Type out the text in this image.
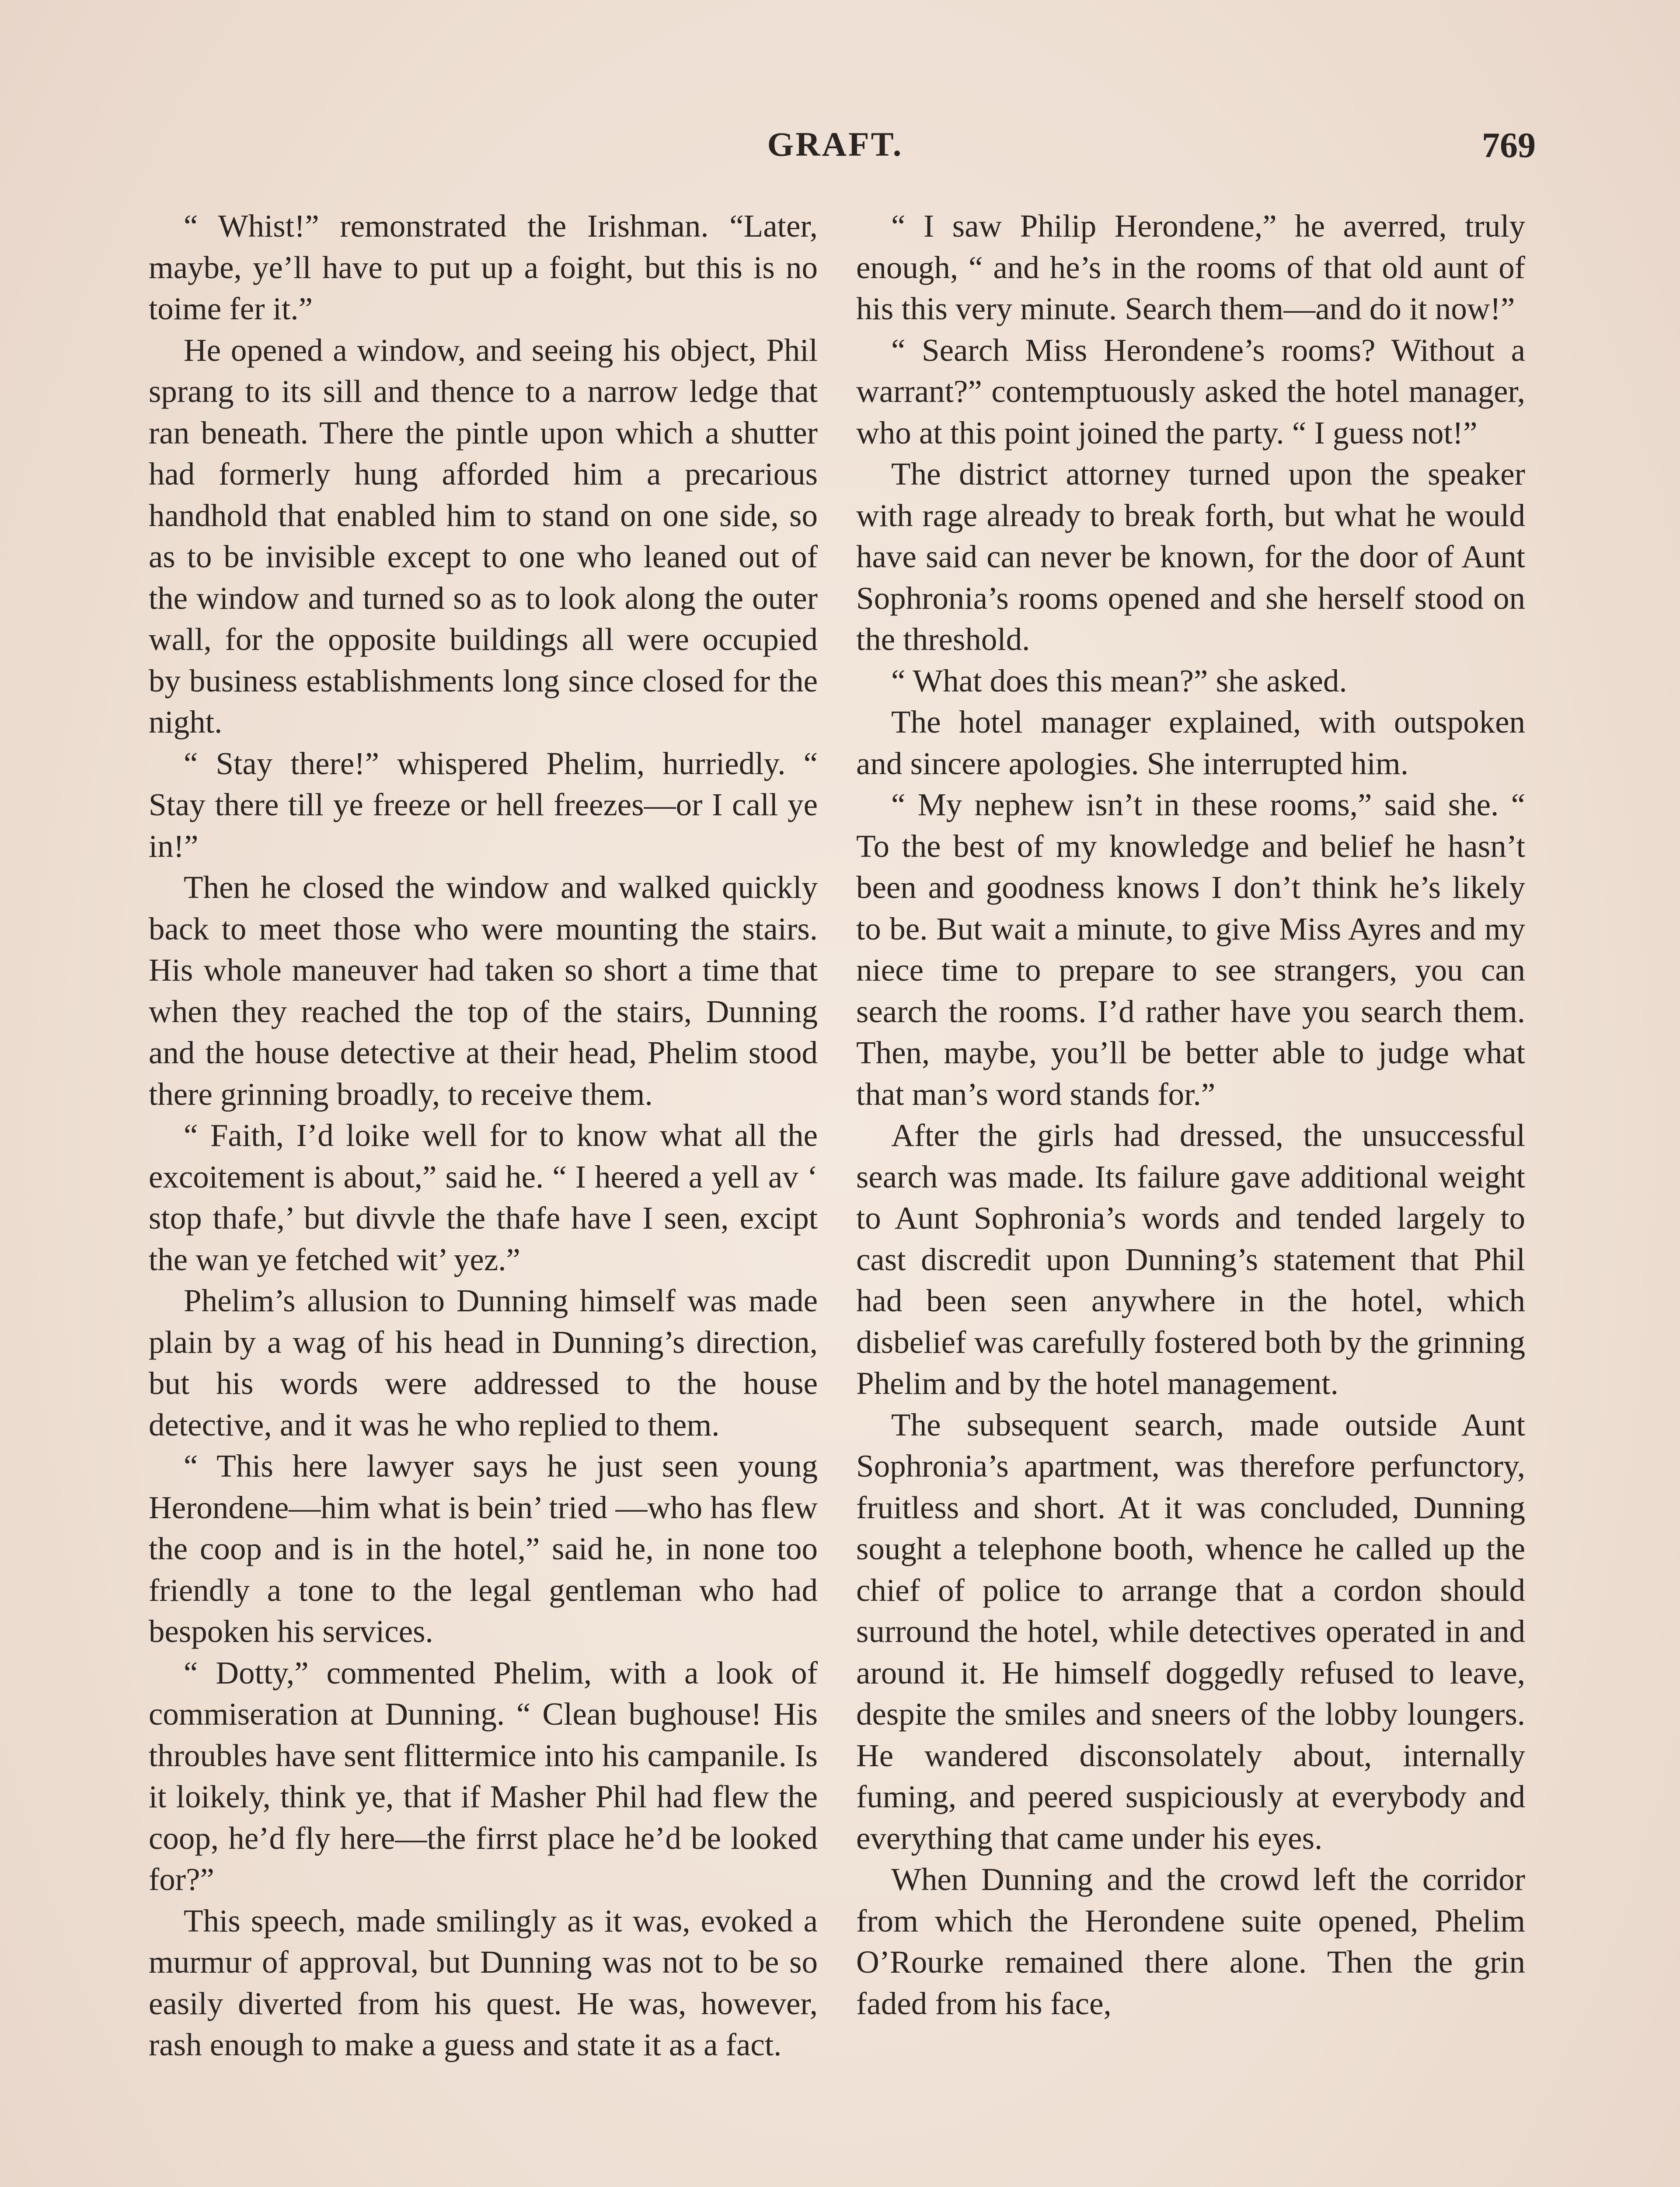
GRAFT.	769

“ Whist!” remonstrated the Irishman. “Later, maybe, ye’ll have to put up a foight, but this is no toime fer it.”

He opened a window, and seeing his object, Phil sprang to its sill and thence to a narrow ledge that ran beneath. There the pintle upon which a shutter had formerly hung afforded him a precarious handhold that enabled him to stand on one side, so as to be invisible except to one who leaned out of the window and turned so as to look along the outer wall, for the opposite buildings all were occupied by business establishments long since closed for the night.

“ Stay there!” whispered Phelim, hurriedly. “ Stay there till ye freeze or hell freezes—or I call ye in!”

Then he closed the window and walked quickly back to meet those who were mounting the stairs. His whole maneuver had taken so short a time that when they reached the top of the stairs, Dunning and the house detective at their head, Phelim stood there grinning broadly, to receive them.

“ Faith, I’d loike well for to know what all the excoitement is about,” said he. “ I heered a yell av ‘ stop thafe,’ but divvle the thafe have I seen, excipt the wan ye fetched wit’ yez.”

Phelim’s allusion to Dunning himself was made plain by a wag of his head in Dunning’s direction, but his words were addressed to the house detective, and it was he who replied to them.

“ This here lawyer says he just seen young Herondene—him what is bein’ tried —who has flew the coop and is in the hotel,” said he, in none too friendly a tone to the legal gentleman who had bespoken his services.

“ Dotty,” commented Phelim, with a look of commiseration at Dunning. “ Clean bughouse! His throubles have sent flittermice into his campanile. Is it loikely, think ye, that if Masher Phil had flew the coop, he’d fly here—the firrst place he’d be looked for?”

This speech, made smilingly as it was, evoked a murmur of approval, but Dunning was not to be so easily diverted from his quest. He was, however, rash enough to make a guess and state it as a fact.

“ I saw Philip Herondene,” he averred, truly enough, “ and he’s in the rooms of that old aunt of his this very minute. Search them—and do it now!”

“ Search Miss Herondene’s rooms? Without a warrant?” contemptuously asked the hotel manager, who at this point joined the party. “ I guess not!”

The district attorney turned upon the speaker with rage already to break forth, but what he would have said can never be known, for the door of Aunt Sophronia’s rooms opened and she herself stood on the threshold.

“ What does this mean?” she asked.

The hotel manager explained, with outspoken and sincere apologies. She interrupted him.

“ My nephew isn’t in these rooms,” said she. “ To the best of my knowledge and belief he hasn’t been and goodness knows I don’t think he’s likely to be. But wait a minute, to give Miss Ayres and my niece time to prepare to see strangers, you can search the rooms. I’d rather have you search them. Then, maybe, you’ll be better able to judge what that man’s word stands for.”

After the girls had dressed, the unsuccessful search was made. Its failure gave additional weight to Aunt Sophronia’s words and tended largely to cast discredit upon Dunning’s statement that Phil had been seen anywhere in the hotel, which disbelief was carefully fostered both by the grinning Phelim and by the hotel management.

The subsequent search, made outside Aunt Sophronia’s apartment, was therefore perfunctory, fruitless and short. At it was concluded, Dunning sought a telephone booth, whence he called up the chief of police to arrange that a cordon should surround the hotel, while detectives operated in and around it. He himself doggedly refused to leave, despite the smiles and sneers of the lobby loungers. He wandered disconsolately about, internally fuming, and peered suspiciously at everybody and everything that came under his eyes.

When Dunning and the crowd left the corridor from which the Herondene suite opened, Phelim O’Rourke remained there alone. Then the grin faded from his face,
